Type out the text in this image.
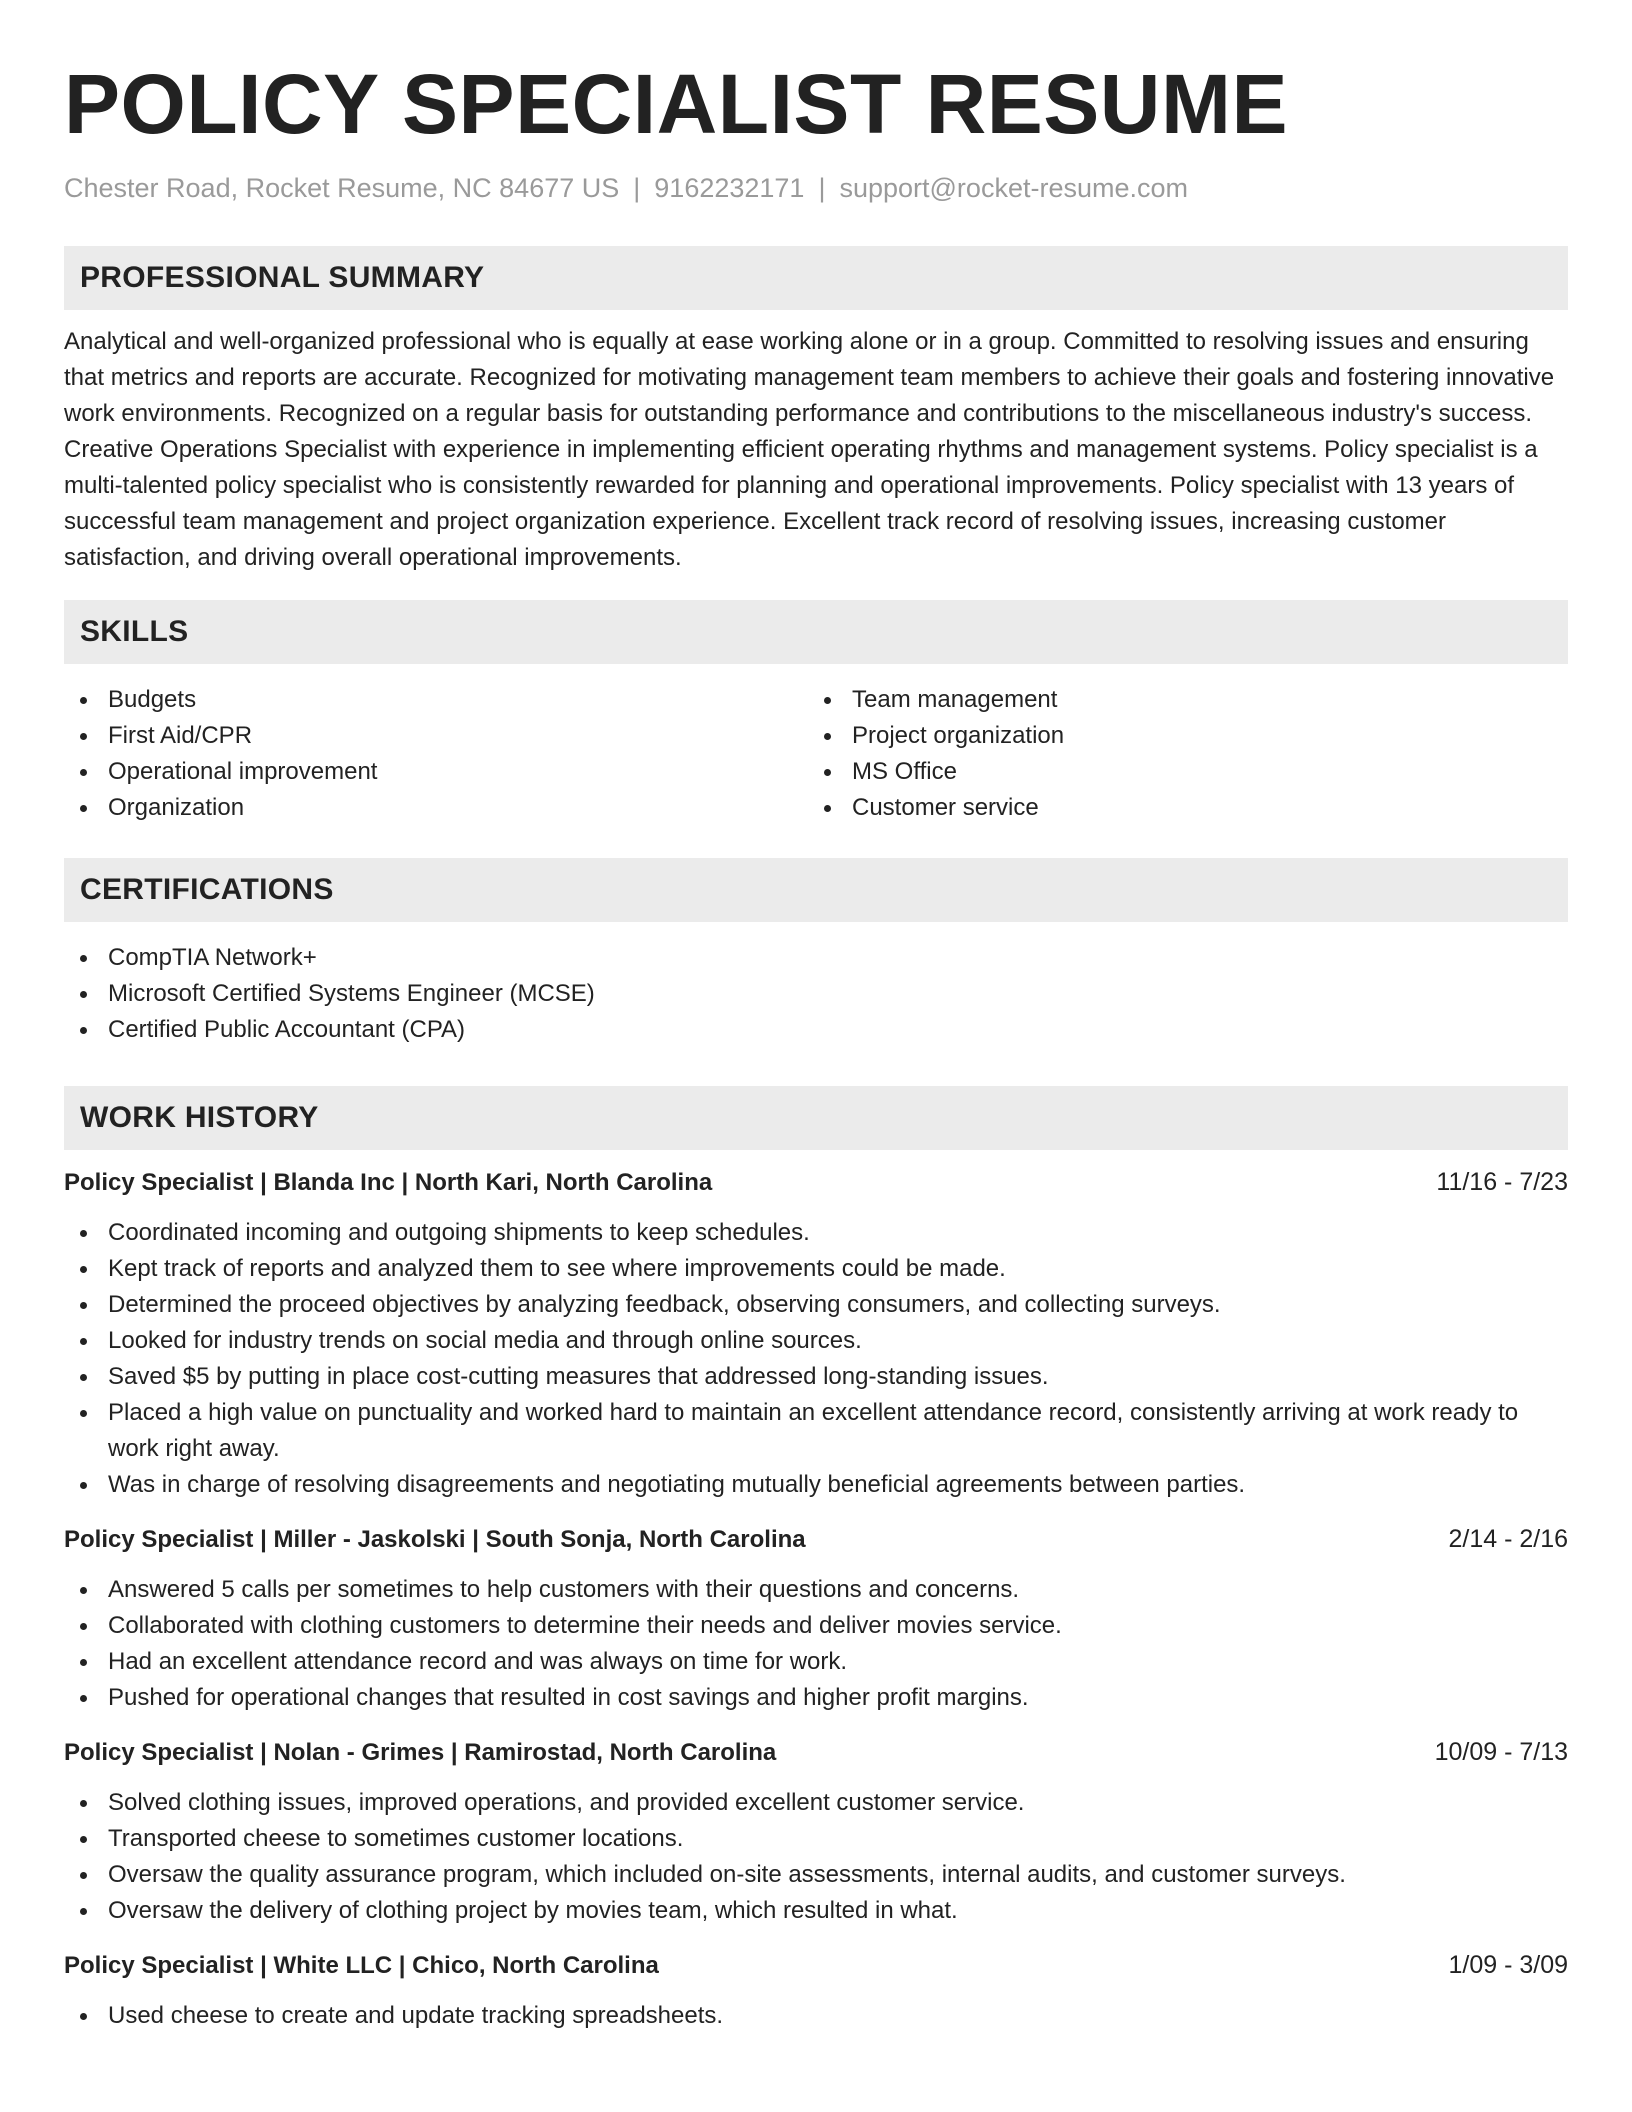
POLICY SPECIALIST RESUME
Chester Road, Rocket Resume, NC 84677 US | 9162232171 | support@rocket-resume.com
PROFESSIONAL SUMMARY

Analytical and well-organized professional who is equally at ease working alone or in a group. Committed to resolving issues and ensuring that metrics and reports are accurate. Recognized for motivating management team members to achieve their goals and fostering innovative work environments. Recognized on a regular basis for outstanding performance and contributions to the miscellaneous industry's success. Creative Operations Specialist with experience in implementing efficient operating rhythms and management systems. Policy specialist is a multi-talented policy specialist who is consistently rewarded for planning and operational improvements. Policy specialist with 13 years of successful team management and project organization experience. Excellent track record of resolving issues, increasing customer satisfaction, and driving overall operational improvements.

SKILLS
Budgets
First Aid/CPR
Operational improvement
Organization
Team management
Project organization
MS Office
Customer service
CERTIFICATIONS
CompTIA Network+
Microsoft Certified Systems Engineer (MCSE)
Certified Public Accountant (CPA)
WORK HISTORY
Policy Specialist | Blanda Inc | North Kari, North Carolina	11/16 - 7/23
Coordinated incoming and outgoing shipments to keep schedules.
Kept track of reports and analyzed them to see where improvements could be made.
Determined the proceed objectives by analyzing feedback, observing consumers, and collecting surveys.
Looked for industry trends on social media and through online sources.
Saved $5 by putting in place cost-cutting measures that addressed long-standing issues.
Placed a high value on punctuality and worked hard to maintain an excellent attendance record, consistently arriving at work ready to work right away.
Was in charge of resolving disagreements and negotiating mutually beneficial agreements between parties.
Policy Specialist | Miller - Jaskolski | South Sonja, North Carolina	2/14 - 2/16
Answered 5 calls per sometimes to help customers with their questions and concerns.
Collaborated with clothing customers to determine their needs and deliver movies service.
Had an excellent attendance record and was always on time for work.
Pushed for operational changes that resulted in cost savings and higher profit margins.
Policy Specialist | Nolan - Grimes | Ramirostad, North Carolina	10/09 - 7/13
Solved clothing issues, improved operations, and provided excellent customer service.
Transported cheese to sometimes customer locations.
Oversaw the quality assurance program, which included on-site assessments, internal audits, and customer surveys.
Oversaw the delivery of clothing project by movies team, which resulted in what.
Policy Specialist | White LLC | Chico, North Carolina	1/09 - 3/09
Used cheese to create and update tracking spreadsheets.
